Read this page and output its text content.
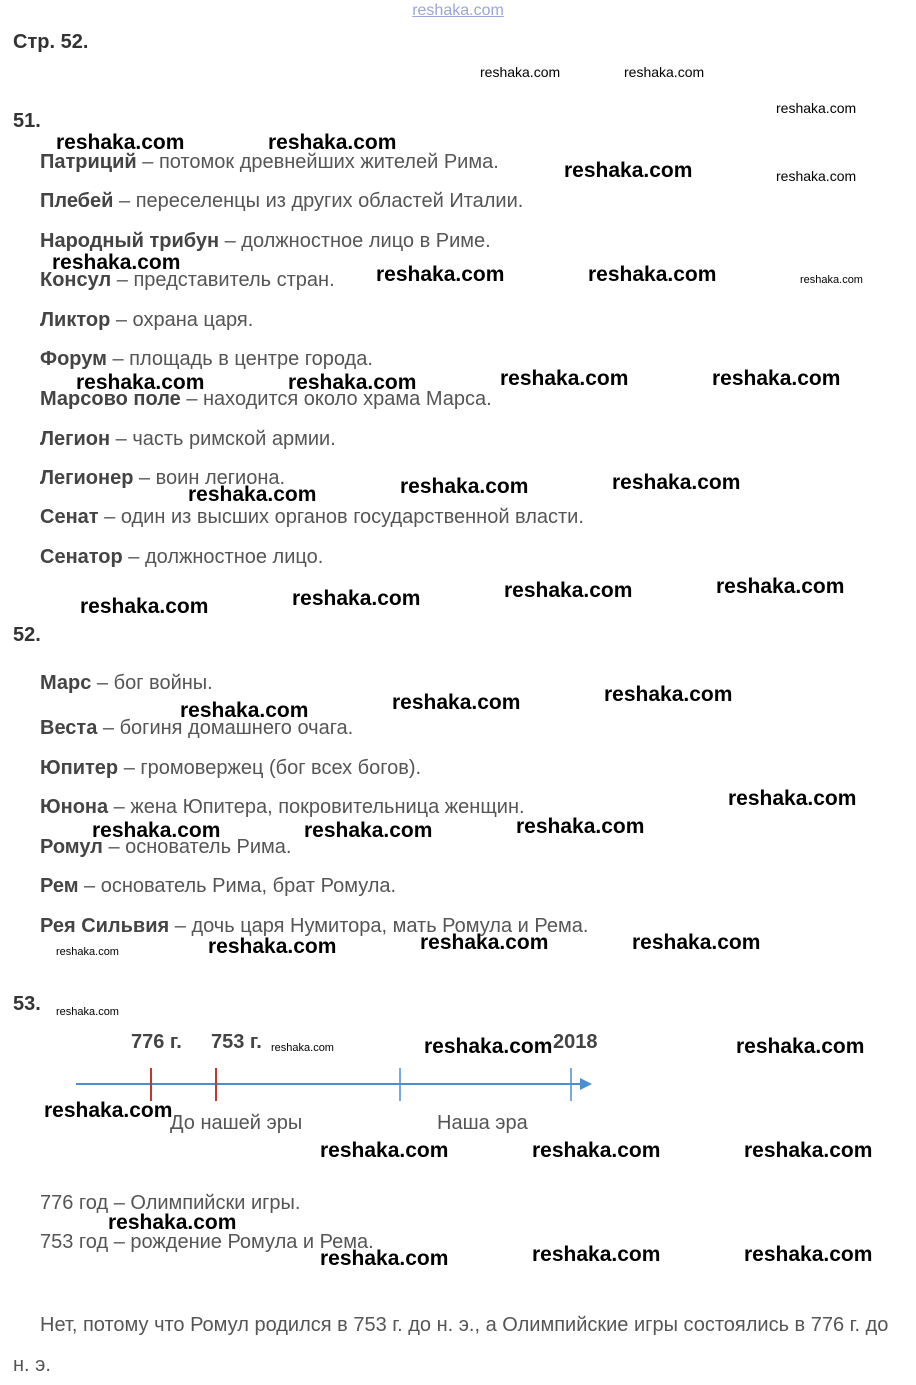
reshaka.com
Стр. 52.
51.
Патриций – потомок древнейших жителей Рима.
Плебей – переселенцы из других областей Италии.
Народный трибун – должностное лицо в Риме.
Консул – представитель стран.
Ликтор – охрана царя.
Форум – площадь в центре города.
Марсово поле – находится около храма Марса.
Легион – часть римской армии.
Легионер – воин легиона.
Сенат – один из высших органов государственной власти.
Сенатор – должностное лицо.
52.
Марс – бог войны.
Веста – богиня домашнего очага.
Юпитер – громовержец (бог всех богов).
Юнона – жена Юпитера, покровительница женщин.
Ромул – основатель Рима.
Рем – основатель Рима, брат Ромула.
Рея Сильвия – дочь царя Нумитора, мать Ромула и Рема.
53.
776 г. 753 г.	2018
До нашей эры	Наша эра
776 год – Олимпийски игры.
753 год – рождение Ромула и Рема.
Нет, потому что Ромул родился в 753 г. до н. э., а Олимпийские игры состоялись в 776 г. до н. э.
reshaka.com	reshaka.com
reshaka.com
reshaka.com
reshaka.com
reshaka.com
reshaka.com
reshaka.com
reshaka.com	reshaka.com
reshaka.com
reshaka.com
reshaka.com	reshaka.com
reshaka.com	reshaka.com	reshaka.com	reshaka.com
reshaka.com	reshaka.com	reshaka.com
reshaka.com	reshaka.com	reshaka.com	reshaka.com
reshaka.com	reshaka.com	reshaka.com
reshaka.com
reshaka.com	reshaka.com	reshaka.com
reshaka.com	reshaka.com	reshaka.com
reshaka.com	reshaka.com
reshaka.com
reshaka.com	reshaka.com	reshaka.com
reshaka.com
reshaka.com	reshaka.com	reshaka.com
